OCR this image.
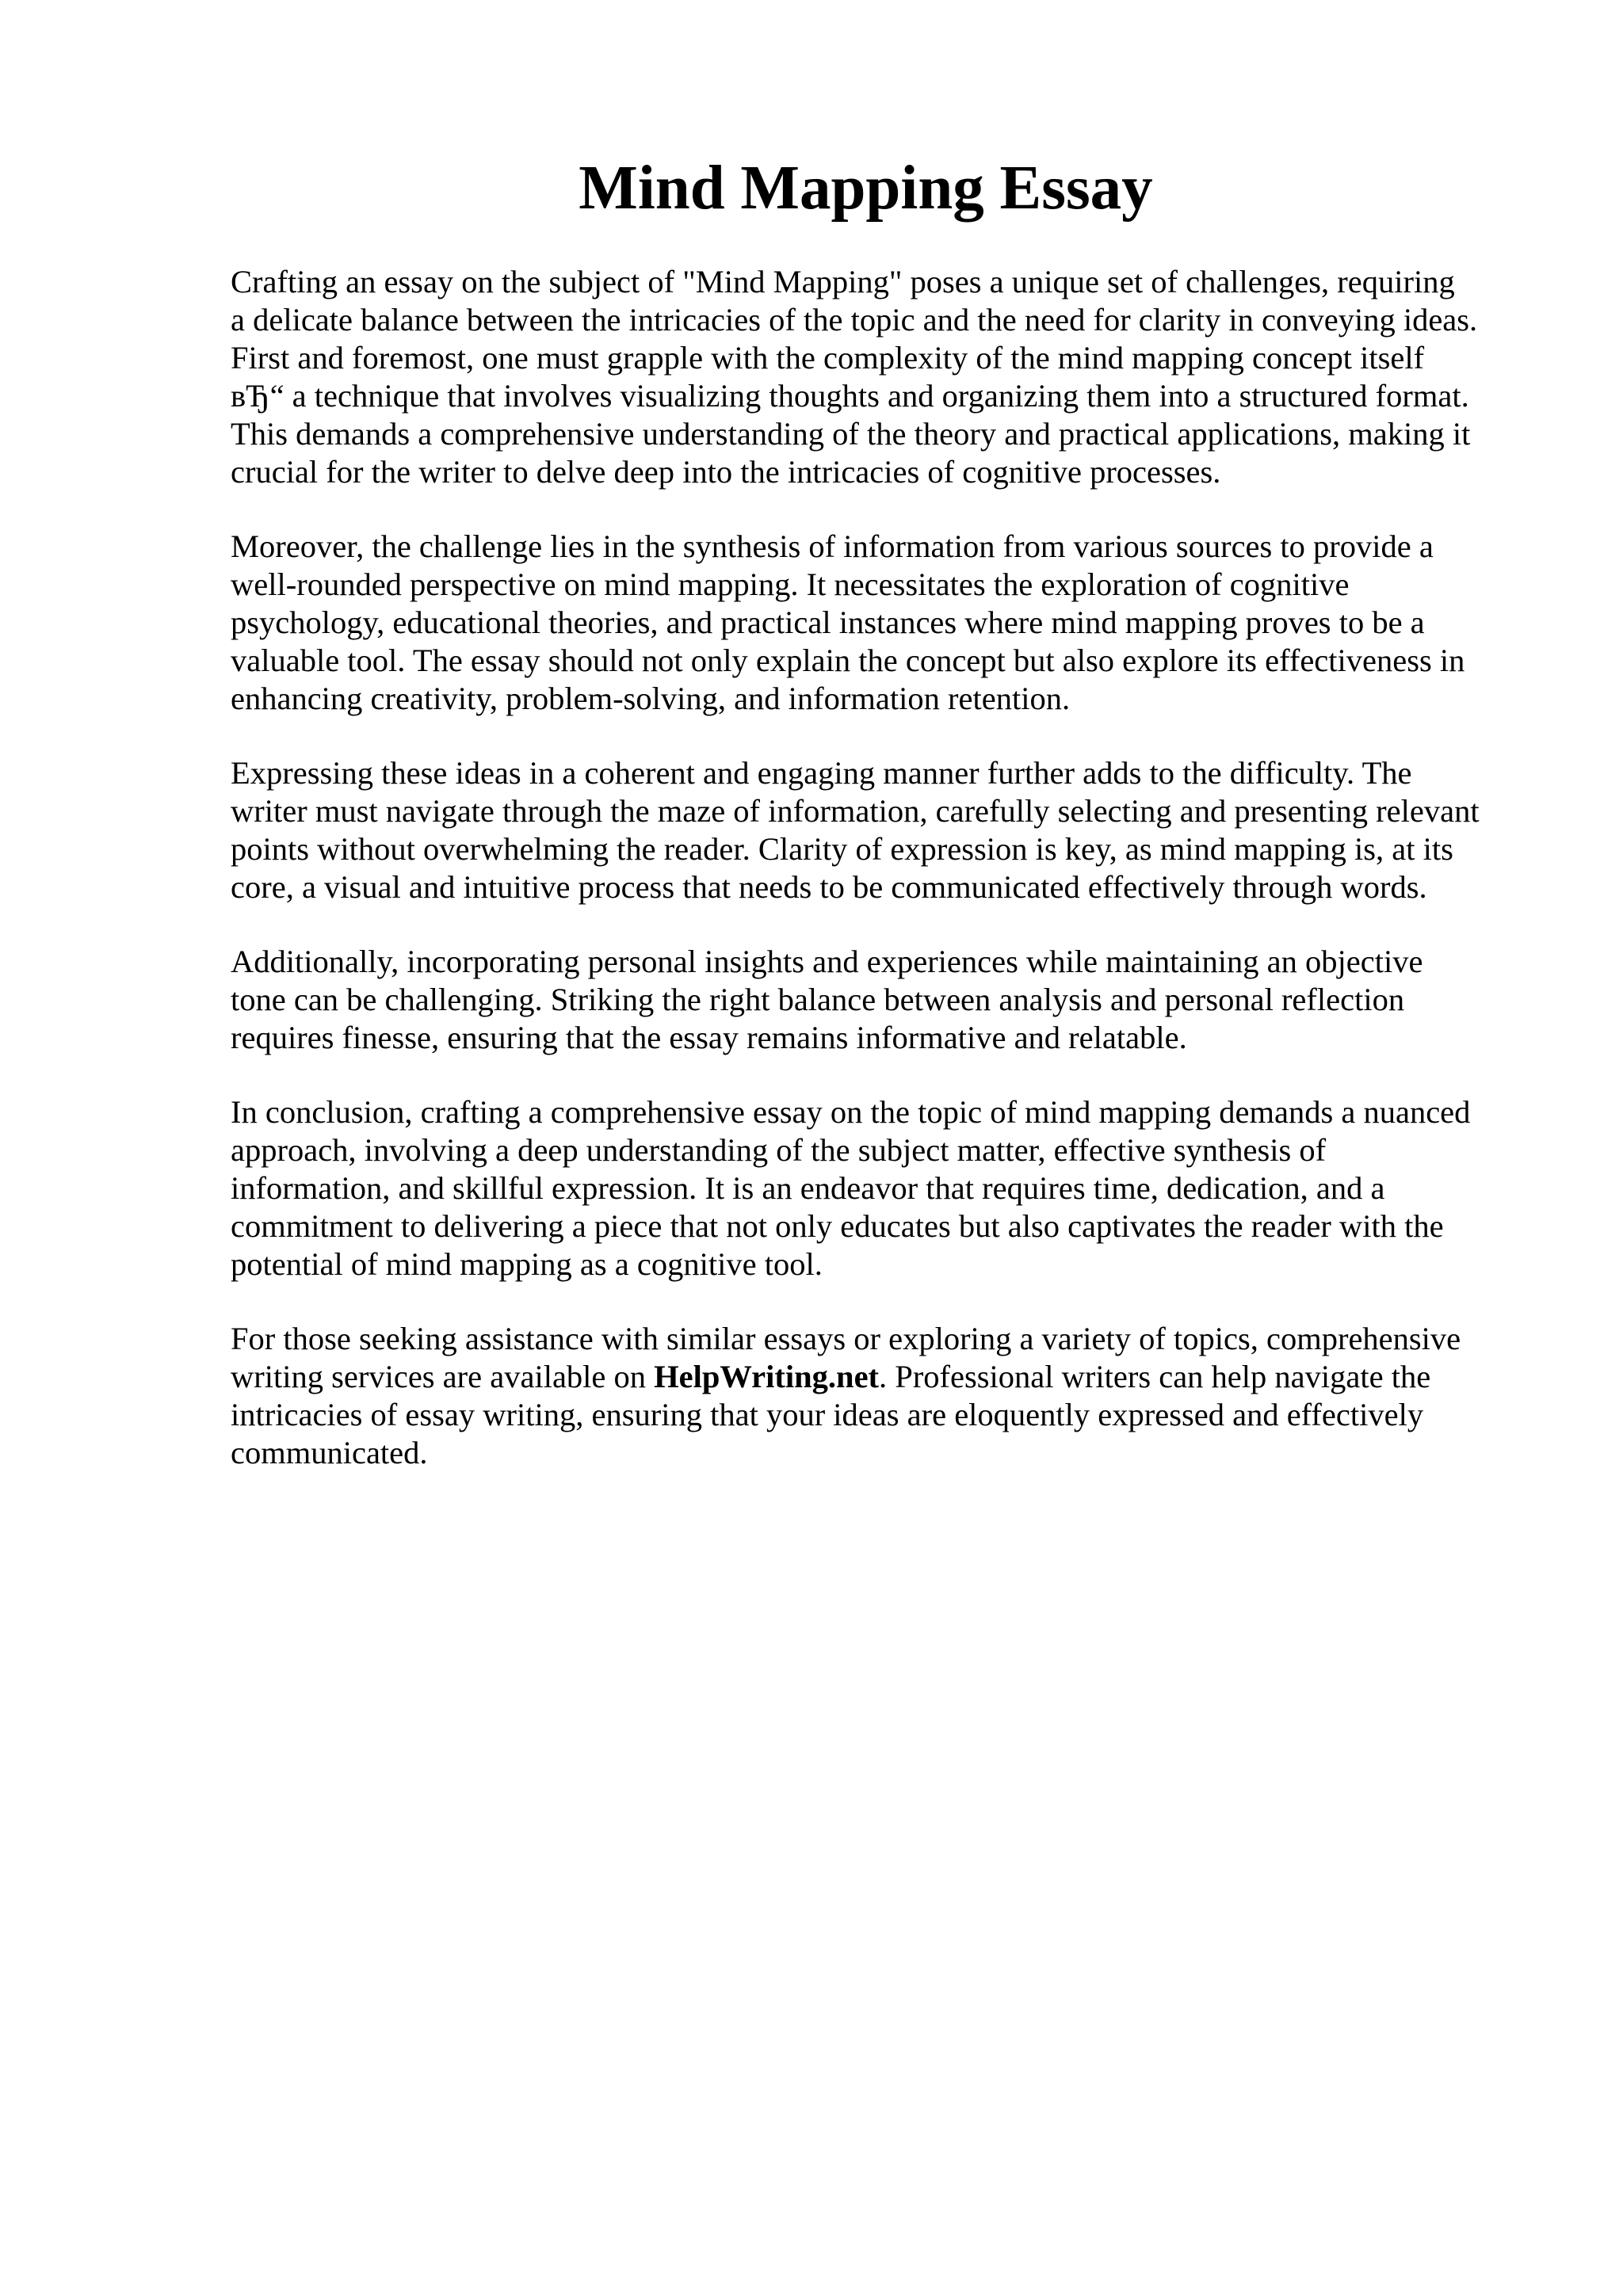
Mind Mapping Essay

Crafting an essay on the subject of "Mind Mapping" poses a unique set of challenges, requiring
a delicate balance between the intricacies of the topic and the need for clarity in conveying ideas.
First and foremost, one must grapple with the complexity of the mind mapping concept itself
вЂ“ a technique that involves visualizing thoughts and organizing them into a structured format.
This demands a comprehensive understanding of the theory and practical applications, making it
crucial for the writer to delve deep into the intricacies of cognitive processes.

Moreover, the challenge lies in the synthesis of information from various sources to provide a
well-rounded perspective on mind mapping. It necessitates the exploration of cognitive
psychology, educational theories, and practical instances where mind mapping proves to be a
valuable tool. The essay should not only explain the concept but also explore its effectiveness in
enhancing creativity, problem-solving, and information retention.

Expressing these ideas in a coherent and engaging manner further adds to the difficulty. The
writer must navigate through the maze of information, carefully selecting and presenting relevant
points without overwhelming the reader. Clarity of expression is key, as mind mapping is, at its
core, a visual and intuitive process that needs to be communicated effectively through words.

Additionally, incorporating personal insights and experiences while maintaining an objective
tone can be challenging. Striking the right balance between analysis and personal reflection
requires finesse, ensuring that the essay remains informative and relatable.

In conclusion, crafting a comprehensive essay on the topic of mind mapping demands a nuanced
approach, involving a deep understanding of the subject matter, effective synthesis of
information, and skillful expression. It is an endeavor that requires time, dedication, and a
commitment to delivering a piece that not only educates but also captivates the reader with the
potential of mind mapping as a cognitive tool.

For those seeking assistance with similar essays or exploring a variety of topics, comprehensive
writing services are available on HelpWriting.net. Professional writers can help navigate the
intricacies of essay writing, ensuring that your ideas are eloquently expressed and effectively
communicated.
